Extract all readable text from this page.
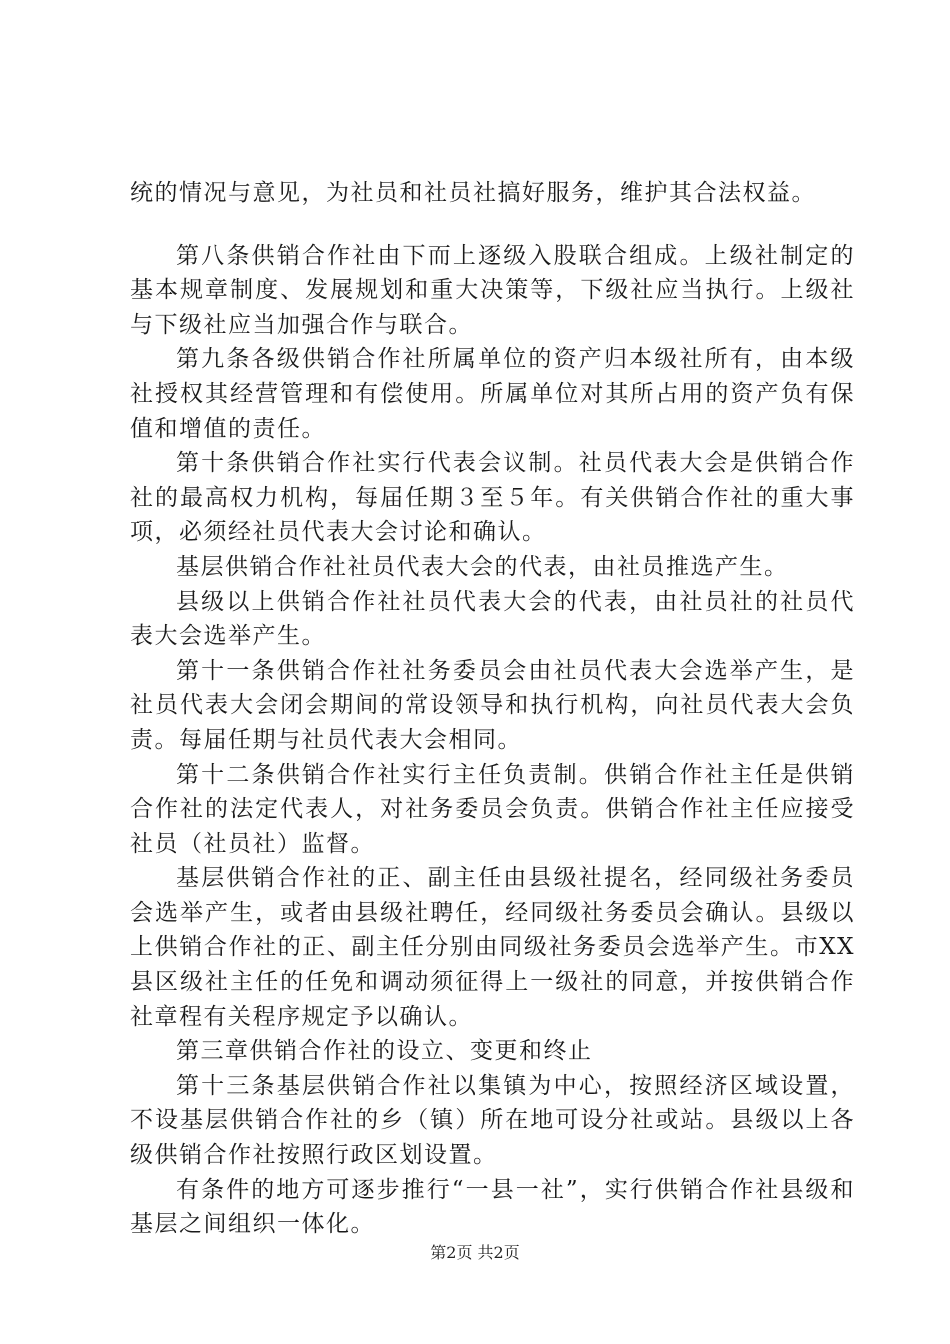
统的情况与意见，为社员和社员社搞好服务，维护其合法权益。

第八条供销合作社由下而上逐级入股联合组成。上级社制定的基本规章制度、发展规划和重大决策等，下级社应当执行。上级社与下级社应当加强合作与联合。

第九条各级供销合作社所属单位的资产归本级社所有，由本级社授权其经营管理和有偿使用。所属单位对其所占用的资产负有保值和增值的责任。

第十条供销合作社实行代表会议制。社员代表大会是供销合作社的最高权力机构，每届任期３至５年。有关供销合作社的重大事项，必须经社员代表大会讨论和确认。

基层供销合作社社员代表大会的代表，由社员推选产生。

县级以上供销合作社社员代表大会的代表，由社员社的社员代表大会选举产生。

第十一条供销合作社社务委员会由社员代表大会选举产生，是社员代表大会闭会期间的常设领导和执行机构，向社员代表大会负责。每届任期与社员代表大会相同。

第十二条供销合作社实行主任负责制。供销合作社主任是供销合作社的法定代表人，对社务委员会负责。供销合作社主任应接受社员（社员社）监督。

基层供销合作社的正、副主任由县级社提名，经同级社务委员会选举产生，或者由县级社聘任，经同级社务委员会确认。县级以上供销合作社的正、副主任分别由同级社务委员会选举产生。市XX县区级社主任的任免和调动须征得上一级社的同意，并按供销合作社章程有关程序规定予以确认。

第三章供销合作社的设立、变更和终止

第十三条基层供销合作社以集镇为中心，按照经济区域设置，不设基层供销合作社的乡（镇）所在地可设分社或站。县级以上各级供销合作社按照行政区划设置。

有条件的地方可逐步推行“一县一社”，实行供销合作社县级和基层之间组织一体化。

第2页 共2页
